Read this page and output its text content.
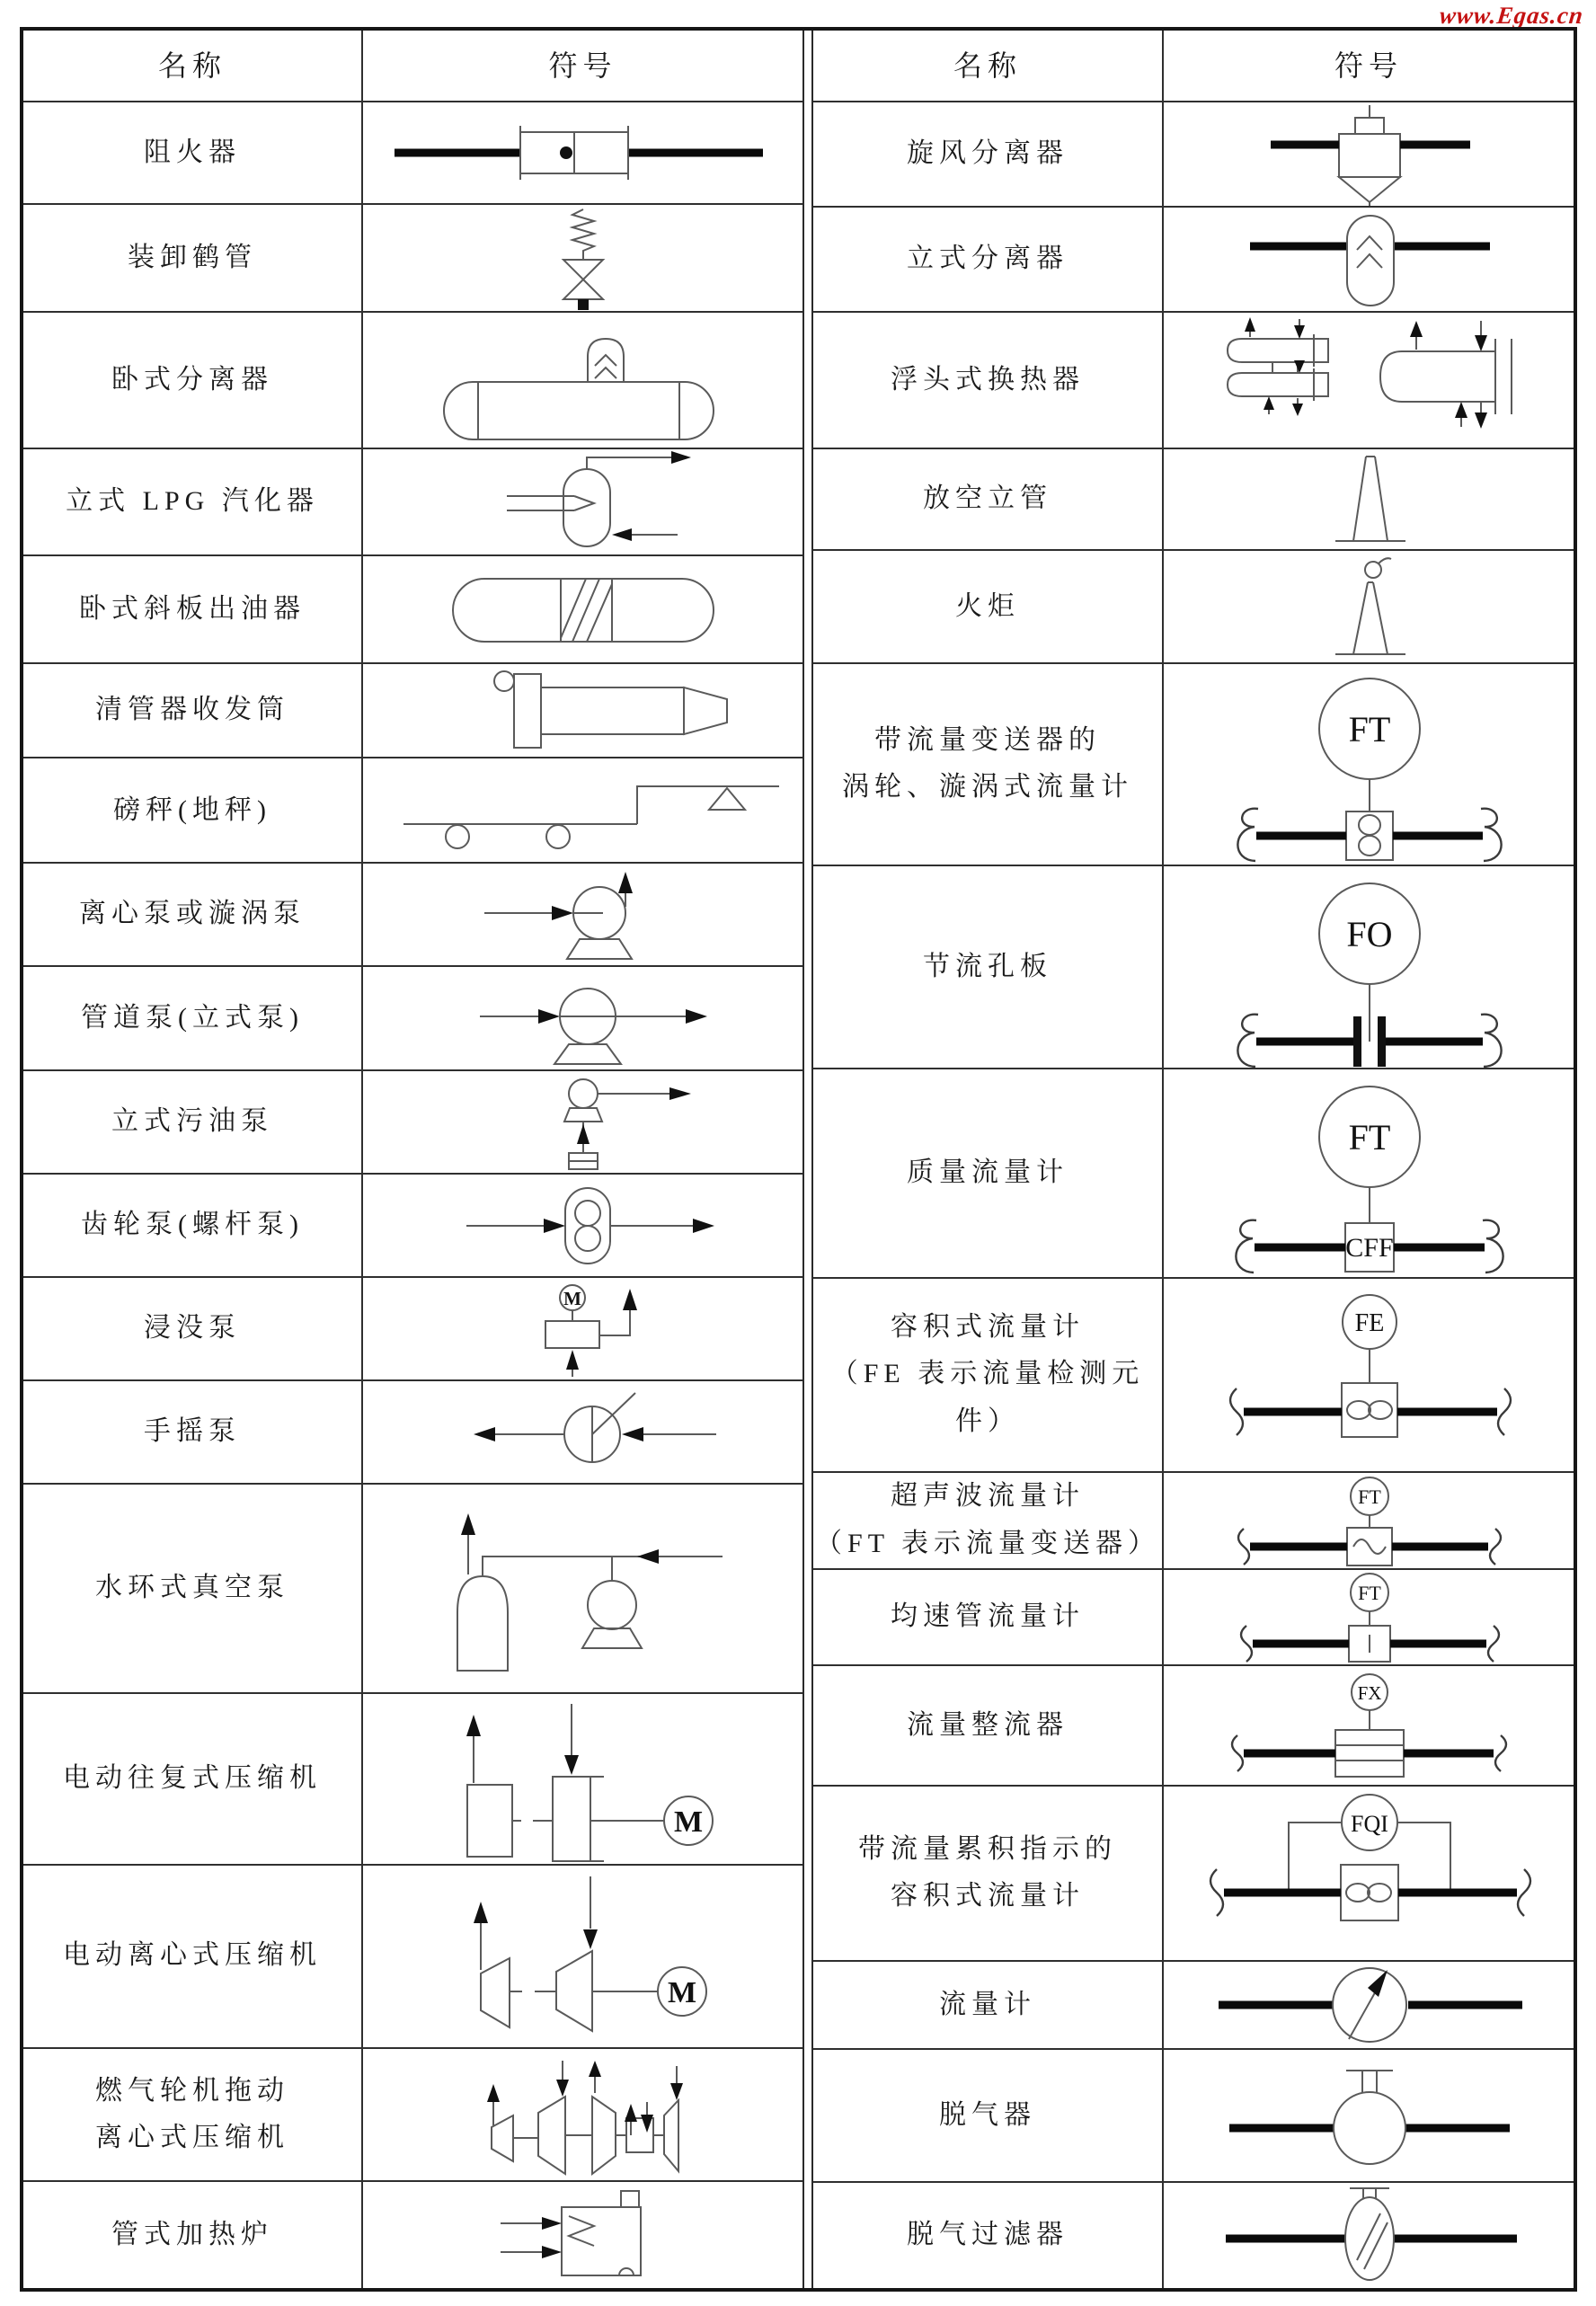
www.Egas.cn
名称	符号
阻火器
装卸鹤管
卧式分离器
立式 LPG 汽化器
卧式斜板出油器
清管器收发筒
磅秤(地秤)
离心泵或漩涡泵
管道泵(立式泵)
立式污油泵
齿轮泵(螺杆泵)
浸没泵
M
手摇泵
水环式真空泵
电动往复式压缩机
M
电动离心式压缩机
M
燃气轮机拖动
离心式压缩机
管式加热炉
名称	符号
旋风分离器
立式分离器
浮头式换热器
放空立管
火炬
带流量变送器的
涡轮、漩涡式流量计
FT
节流孔板
FO
质量流量计
FT
CFF
容积式流量计
（FE 表示流量检测元件）
FE
超声波流量计
（FT 表示流量变送器）
FT
均速管流量计
FT
流量整流器
FX
带流量累积指示的
容积式流量计
FQI
流量计
脱气器
脱气过滤器
